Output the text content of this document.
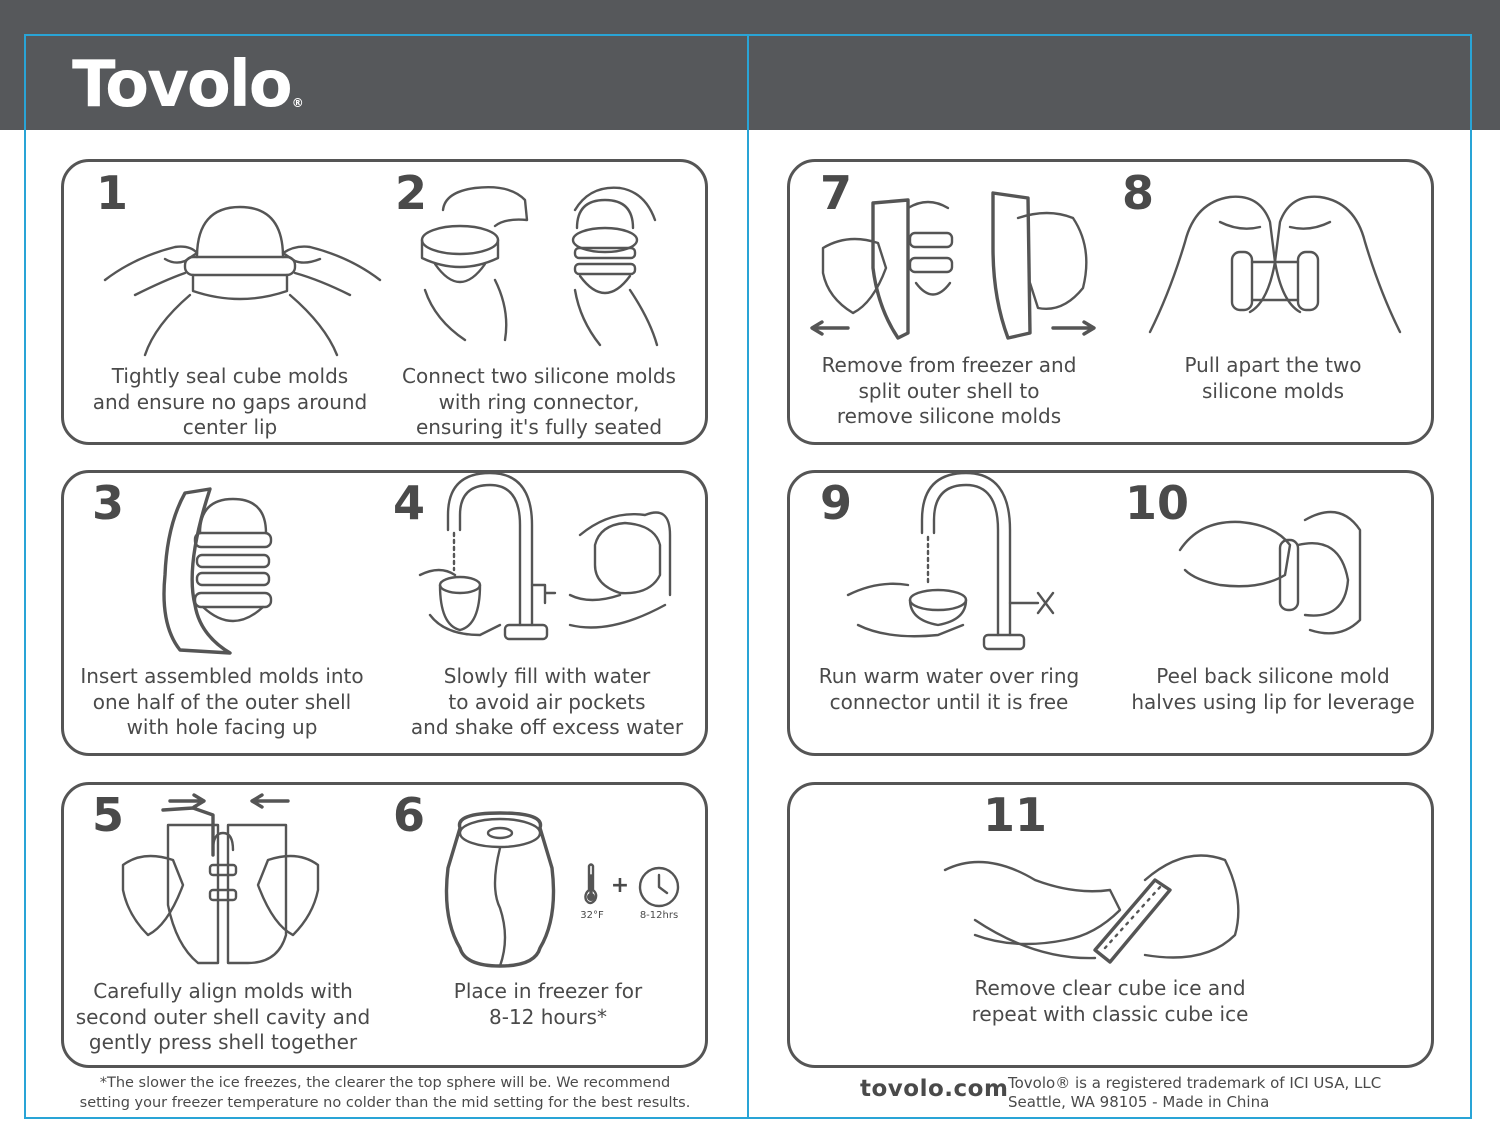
Tovolo®
1	2
3	4
5	6
7	8
9	10
11
32°F
+
8-12hrs
Tightly seal cube molds
and ensure no gaps around
center lip
Connect two silicone molds
with ring connector,
ensuring it's fully seated
Insert assembled molds into
one half of the outer shell
with hole facing up
Slowly fill with water
to avoid air pockets
and shake off excess water
Carefully align molds with
second outer shell cavity and
gently press shell together
Place in freezer for
8-12 hours*
Remove from freezer and
split outer shell to
remove silicone molds
Pull apart the two
silicone molds
Run warm water over ring
connector until it is free
Peel back silicone mold
halves using lip for leverage
Remove clear cube ice and
repeat with classic cube ice
*The slower the ice freezes, the clearer the top sphere will be. We recommend
setting your freezer temperature no colder than the mid setting for the best results.
tovolo.com Tovolo® is a registered trademark of ICI USA, LLC
Seattle, WA 98105 - Made in China
